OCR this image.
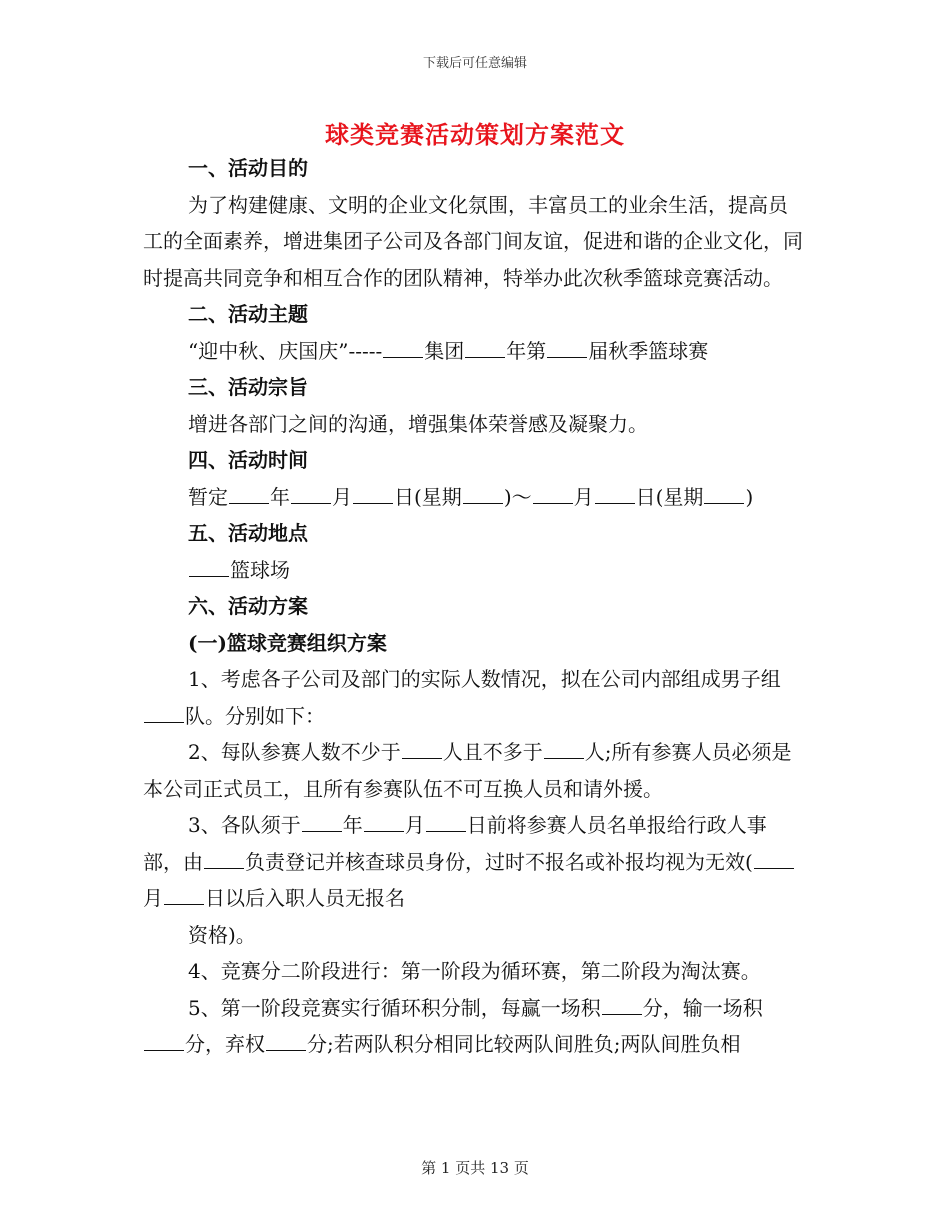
下载后可任意编辑
球类竞赛活动策划方案范文

一、活动目的

为了构建健康、文明的企业文化氛围，丰富员工的业余生活，提高员工的全面素养，增进集团子公司及各部门间友谊，促进和谐的企业文化，同时提高共同竞争和相互合作的团队精神，特举办此次秋季篮球竞赛活动。

二、活动主题

“迎中秋、庆国庆”----- 集团 年第 届秋季篮球赛

三、活动宗旨

增进各部门之间的沟通，增强集体荣誉感及凝聚力。

四、活动时间

暂定 年 月 日(星期 )～ 月 日(星期 )

五、活动地点

篮球场

六、活动方案

(一)篮球竞赛组织方案

1、考虑各子公司及部门的实际人数情况，拟在公司内部组成男子组队。分别如下：

2、每队参赛人数不少于 人且不多于 人;所有参赛人员必须是本公司正式员工，且所有参赛队伍不可互换人员和请外援。

3、各队须于 年 月 日前将参赛人员名单报给行政人事部，由 负责登记并核查球员身份，过时不报名或补报均视为无效(月 日以后入职人员无报名

资格)。

4、竞赛分二阶段进行：第一阶段为循环赛，第二阶段为淘汰赛。

5、第一阶段竞赛实行循环积分制，每赢一场积 分，输一场积分，弃权 分;若两队积分相同比较两队间胜负;两队间胜负相

第 1 页共 13 页
